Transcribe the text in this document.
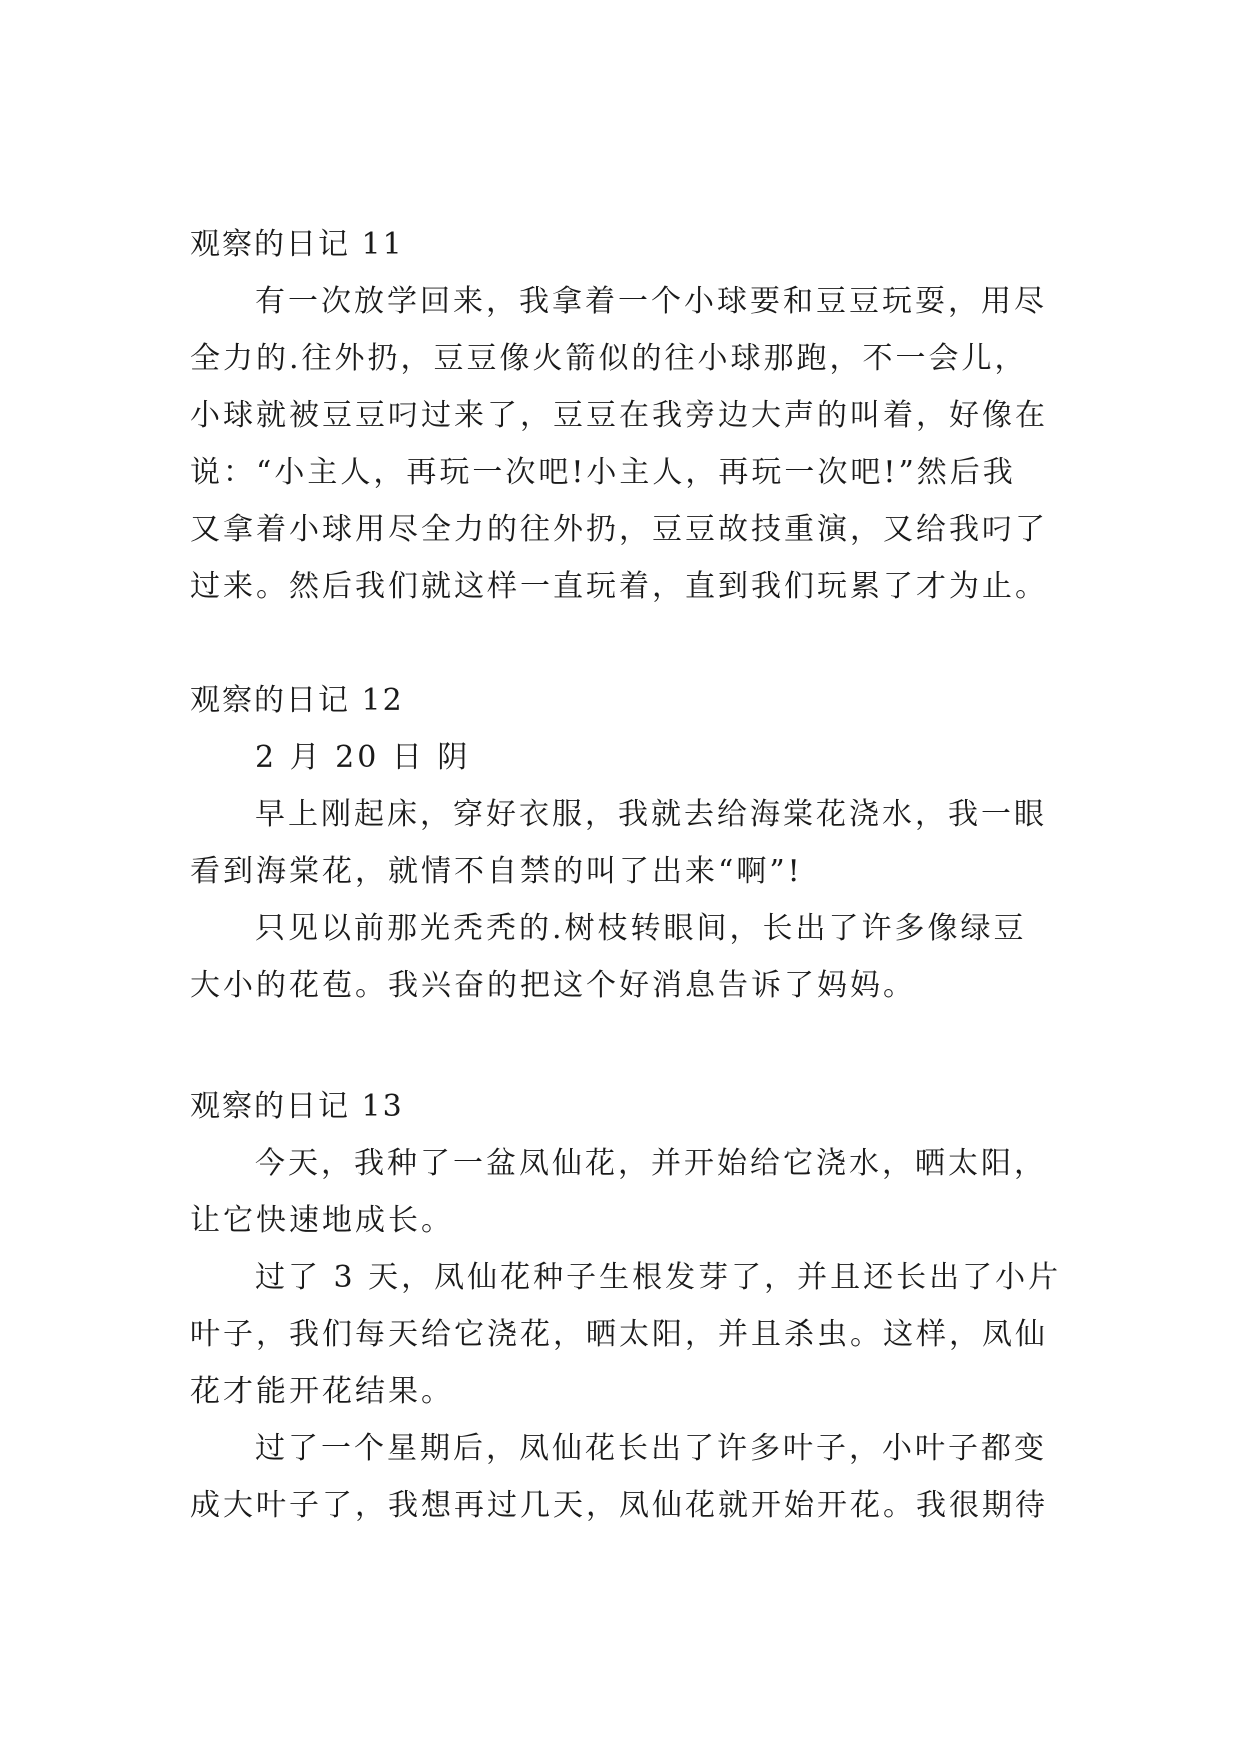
观察的日记 11
有一次放学回来，我拿着一个小球要和豆豆玩耍，用尽
全力的.往外扔，豆豆像火箭似的往小球那跑，不一会儿，
小球就被豆豆叼过来了，豆豆在我旁边大声的叫着，好像在
说：“小主人，再玩一次吧!小主人，再玩一次吧!”然后我
又拿着小球用尽全力的往外扔，豆豆故技重演，又给我叼了
过来。然后我们就这样一直玩着，直到我们玩累了才为止。
观察的日记 12
2 月 20 日 阴
早上刚起床，穿好衣服，我就去给海棠花浇水，我一眼
看到海棠花，就情不自禁的叫了出来“啊”!
只见以前那光秃秃的.树枝转眼间，长出了许多像绿豆
大小的花苞。我兴奋的把这个好消息告诉了妈妈。
观察的日记 13
今天，我种了一盆凤仙花，并开始给它浇水，晒太阳，
让它快速地成长。
过了 3 天，凤仙花种子生根发芽了，并且还长出了小片
叶子，我们每天给它浇花，晒太阳，并且杀虫。这样，凤仙
花才能开花结果。
过了一个星期后，凤仙花长出了许多叶子，小叶子都变
成大叶子了，我想再过几天，凤仙花就开始开花。我很期待
